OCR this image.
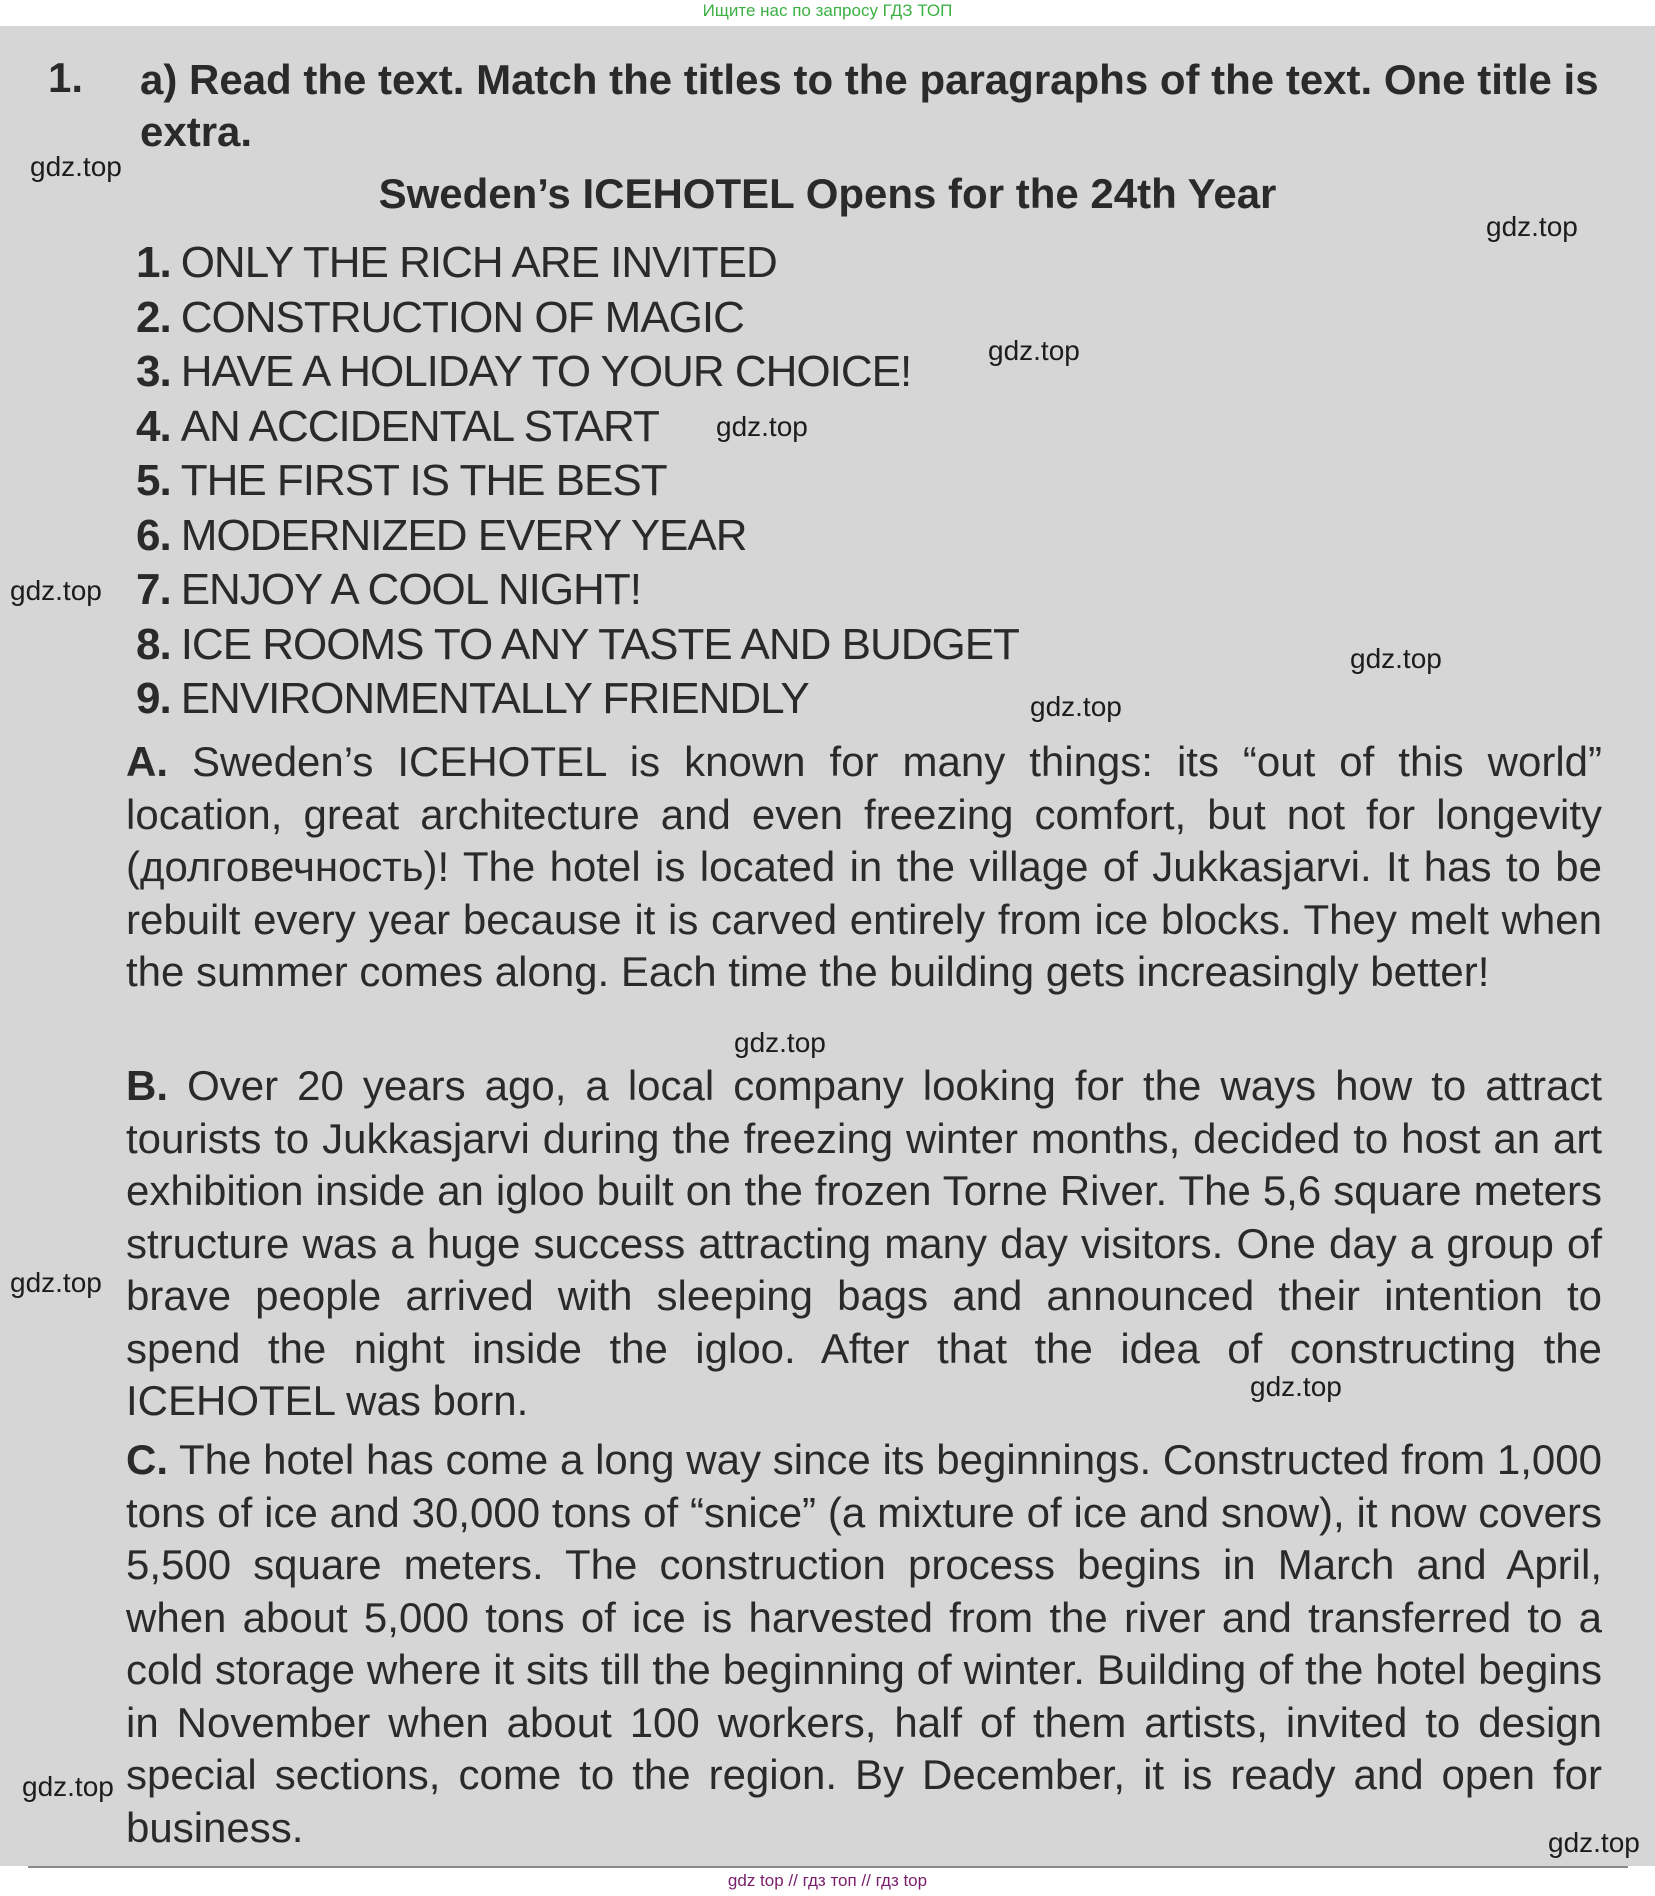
Ищите нас по запросу ГДЗ ТОП
1. a) Read the text. Match the titles to the paragraphs of the text. One title is extra.
Sweden’s ICEHOTEL Opens for the 24th Year
1. ONLY THE RICH ARE INVITED
2. CONSTRUCTION OF MAGIC
3. HAVE A HOLIDAY TO YOUR CHOICE!
4. AN ACCIDENTAL START
5. THE FIRST IS THE BEST
6. MODERNIZED EVERY YEAR
7. ENJOY A COOL NIGHT!
8. ICE ROOMS TO ANY TASTE AND BUDGET
9. ENVIRONMENTALLY FRIENDLY

A. Sweden’s ICEHOTEL is known for many things: its “out of this world” location, great architecture and even freezing comfort, but not for longevity (долговечность)! The hotel is located in the village of Jukkasjarvi. It has to be rebuilt every year because it is carved entirely from ice blocks. They melt when the summer comes along. Each time the building gets increasingly better!

B. Over 20 years ago, a local company looking for the ways how to attract tourists to Jukkasjarvi during the freezing winter months, decided to host an art exhibition inside an igloo built on the frozen Torne River. The 5,6 square meters structure was a huge success attracting many day visitors. One day a group of brave people arrived with sleeping bags and announced their intention to spend the night inside the igloo. After that the idea of constructing the ICEHOTEL was born.

C. The hotel has come a long way since its beginnings. Constructed from 1,000 tons of ice and 30,000 tons of “snice” (a mixture of ice and snow), it now covers 5,500 square meters. The construction process begins in March and April, when about 5,000 tons of ice is harvested from the river and transferred to a cold storage where it sits till the beginning of winter. Building of the hotel begins in November when about 100 workers, half of them artists, invited to design special sections, come to the region. By December, it is ready and open for business.

gdz.top
gdz.top
gdz.top
gdz.top
gdz.top
gdz.top
gdz.top
gdz.top
gdz.top
gdz.top
gdz.top
gdz.top
gdz top // гдз топ // гдз top
